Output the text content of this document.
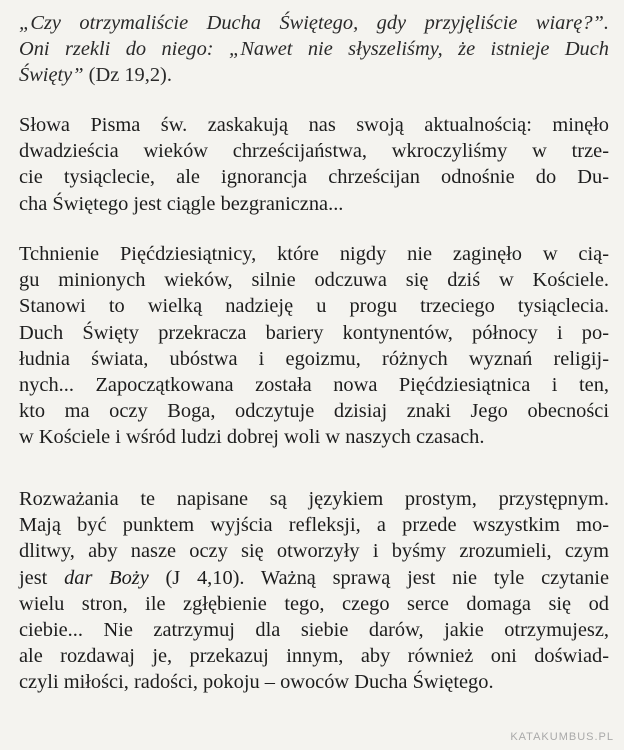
„Czy otrzymaliście Ducha Świętego, gdy przyjęliście wiarę?”.
Oni rzekli do niego: „Nawet nie słyszeliśmy, że istnieje Duch
Święty” (Dz 19,2).
Słowa Pisma św. zaskakują nas swoją aktualnością: minęło
dwadzieścia wieków chrześcijaństwa, wkroczyliśmy w trze-
cie tysiąclecie, ale ignorancja chrześcijan odnośnie do Du-
cha Świętego jest ciągle bezgraniczna...
Tchnienie Pięćdziesiątnicy, które nigdy nie zaginęło w cią-
gu minionych wieków, silnie odczuwa się dziś w Kościele.
Stanowi to wielką nadzieję u progu trzeciego tysiąclecia.
Duch Święty przekracza bariery kontynentów, północy i po-
łudnia świata, ubóstwa i egoizmu, różnych wyznań religij-
nych... Zapoczątkowana została nowa Pięćdziesiątnica i ten,
kto ma oczy Boga, odczytuje dzisiaj znaki Jego obecności
w Kościele i wśród ludzi dobrej woli w naszych czasach.
Rozważania te napisane są językiem prostym, przystępnym.
Mają być punktem wyjścia refleksji, a przede wszystkim mo-
dlitwy, aby nasze oczy się otworzyły i byśmy zrozumieli, czym
jest dar Boży (J 4,10). Ważną sprawą jest nie tyle czytanie
wielu stron, ile zgłębienie tego, czego serce domaga się od
ciebie... Nie zatrzymuj dla siebie darów, jakie otrzymujesz,
ale rozdawaj je, przekazuj innym, aby również oni doświad-
czyli miłości, radości, pokoju – owoców Ducha Świętego.
KATAKUMBUS.PL
